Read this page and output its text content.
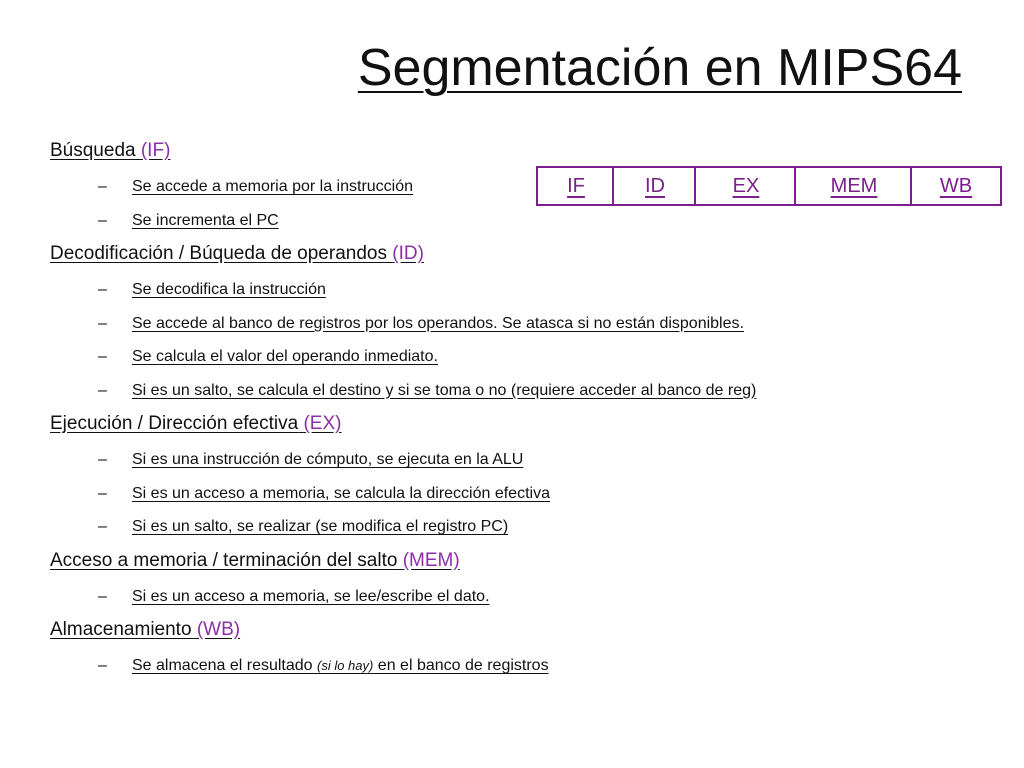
Segmentación en MIPS64
IF	ID	EX	MEM	WB
Búsqueda (IF)
– Se accede a memoria por la instrucción
– Se incrementa el PC
Decodificación / Búqueda de operandos (ID)
– Se decodifica la instrucción
– Se accede al banco de registros por los operandos. Se atasca si no están disponibles.
– Se calcula el valor del operando inmediato.
– Si es un salto, se calcula el destino y si se toma o no (requiere acceder al banco de reg)
Ejecución / Dirección efectiva (EX)
– Si es una instrucción de cómputo, se ejecuta en la ALU
– Si es un acceso a memoria, se calcula la dirección efectiva
– Si es un salto, se realizar (se modifica el registro PC)
Acceso a memoria / terminación del salto (MEM)
– Si es un acceso a memoria, se lee/escribe el dato.
Almacenamiento (WB)
– Se almacena el resultado (si lo hay) en el banco de registros
